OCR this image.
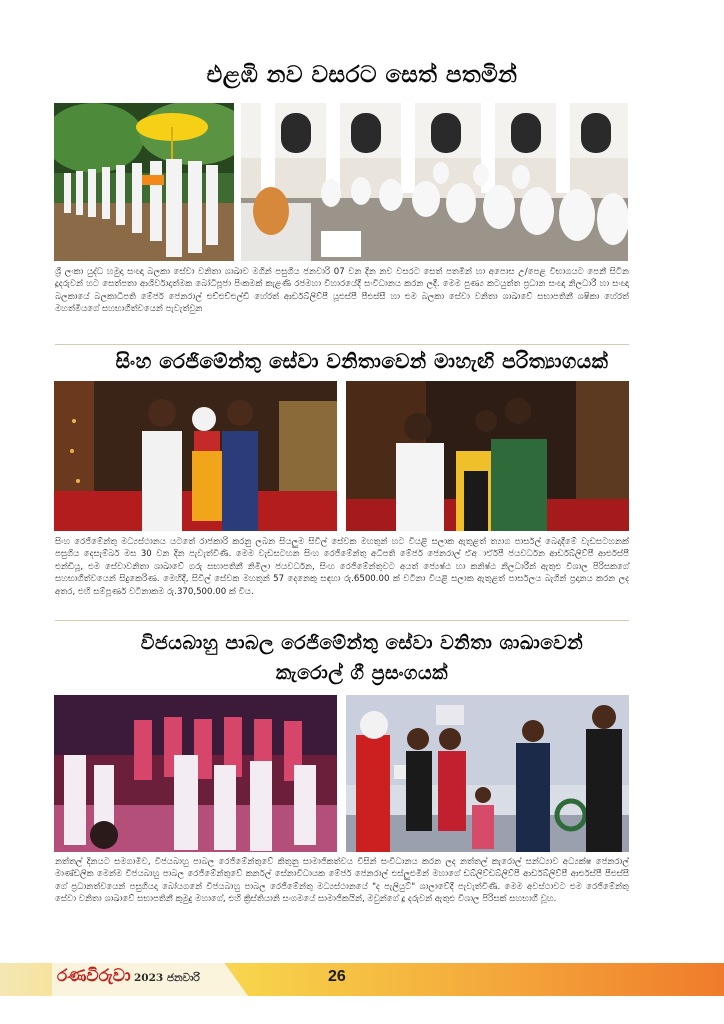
එළඹි නව වසරට සෙත් පතමින්
ශ්‍රී ලංකා යුද්ධ හමුදා සංඥා බලකා සේවා වනිතා ශාඛාව මගින් පසුගිය ජනවාරි 07 වන දින නව වසරට සෙත් පතමින් හා අපොස උ/පෙළ විභාගයට පෙනී සිටින දූදරුවන් හට සෙත්පතා ආශිර්වාදාත්මක බෝධිපූජා පිංකමක් කැළණි රජමහා විහාරයේදී සංවිධානය කරන ලදී. මෙම පුණ්‍ය කටයුත්ත ප්‍රධාන සංඥා නිලධාරී හා සංඥා බලකායේ බලකාධිපති මේජර් ජෙනරාල් එච්එච්එල්ඩී හේරත් ආර්ඩබ්ලිව්පී යූඑස්පී පීඑස්සී හා එම බලකා සේවා වනිතා ශාඛාවේ සභාපතිනී ශෂිකා හේරත් මහත්මියගේ සහභාගීත්වයෙන් පැවැත්වුන
සිංහ රෙජිමේන්තු සේවා වනිතාවෙන් මාහැඟි පරිත්‍යාගයක්
සිංහ රෙජිමේන්තු මධ්‍යස්ථානය යටතේ රාජකාරි කරනු ලබන සියලුම සිවිල් සේවක මහතුන් හට වියළි සලාක ඇතුළත් ත්‍යාග පාර්සල් බෙදාදීමේ වැඩසටහනක් පසුගිය දෙසැම්බර් මස 30 වන දින පැවැත්විණි. මෙම වැඩසටහන සිංහ රෙජිමේන්තු අධිපති මේජර් ජෙනරාල් ඒඅාර්ඒපී ජයවර්ධන ආර්ඩබ්ලිව්පී ආර්එස්පී එන්ඩියූ, එම සේවාවනිතා ශාඛාවේ ගරු සභාපතිනී නිමිලා ජයවර්ධන, සිංහ රෙජිමේන්තුවට අයත් ජ්‍යෙෂ්ඨ හා කනිෂ්ඨ නිලධාරීන් ඇතුළු විශාල පිරිසකගේ සහභාගීත්වයෙන් සිදුකෙරිණ. මෙහිදී, සිවිල් සේවක මහතුන් 57 දෙනෙකු සඳහා රු.6500.00 ක් වටිනා වියළි සලාක ඇතුළත් පාර්සලය බැගින් ප්‍රදානය කරන ලද අතර, එහි සම්පූර්ණ වටිනාකම රු.370,500.00 ක් විය.
විජයබාහු පාබල රෙජිමේන්තු සේවා වනිතා ශාඛාවෙන්
කැරොල් ගී ප්‍රසංගයක්
නත්තල් දිනයට සමගාමීව, විජයබාහු පාබල රෙජිමේන්තුවේ කිතුනු සාමාජිකත්වය විසින් සංවිධානය කරන ලද නත්තල් කැරොල් සන්ධ්‍යාව අධ්‍යක්ෂ ජෙනරාල් මාණ්ඩලික මෙන්ම විජයබාහු පාබල රෙජිමේන්තුවේ කර්නල් සේනාවිධායක මේජර් ජෙනරාල් එස්ලුළුමින් මහාගේ ඩබ්ලිව්ඩබ්ලිව්පී ආර්ඩබ්ලිව්පී ආර්එස්පී පීඑස්සී ගේ ප්‍රධානත්වයෙන් පසුගියදා බෝයගනේ විජයබාහු පාබල රෙජිමේන්තු මධ්‍යස්ථානයේ "ද පැලියුට්" ශාලාවේදී පැවැත්විණි. මෙම අවස්ථාවට එම රෙජිමේන්තු සේවා වනිතා ශාඛාවේ සභාපතිනී කුමුදු මහාගේ, එහි ක්‍රිස්තියානි සංගමයේ සාමාජිකයින්, මවුන්ගේ දූ දරුවන් ඇතුළු විශාල පිරිසක් සහභාගී වූහ.
රණවිරුවා 2023 ජනවාරි	26
